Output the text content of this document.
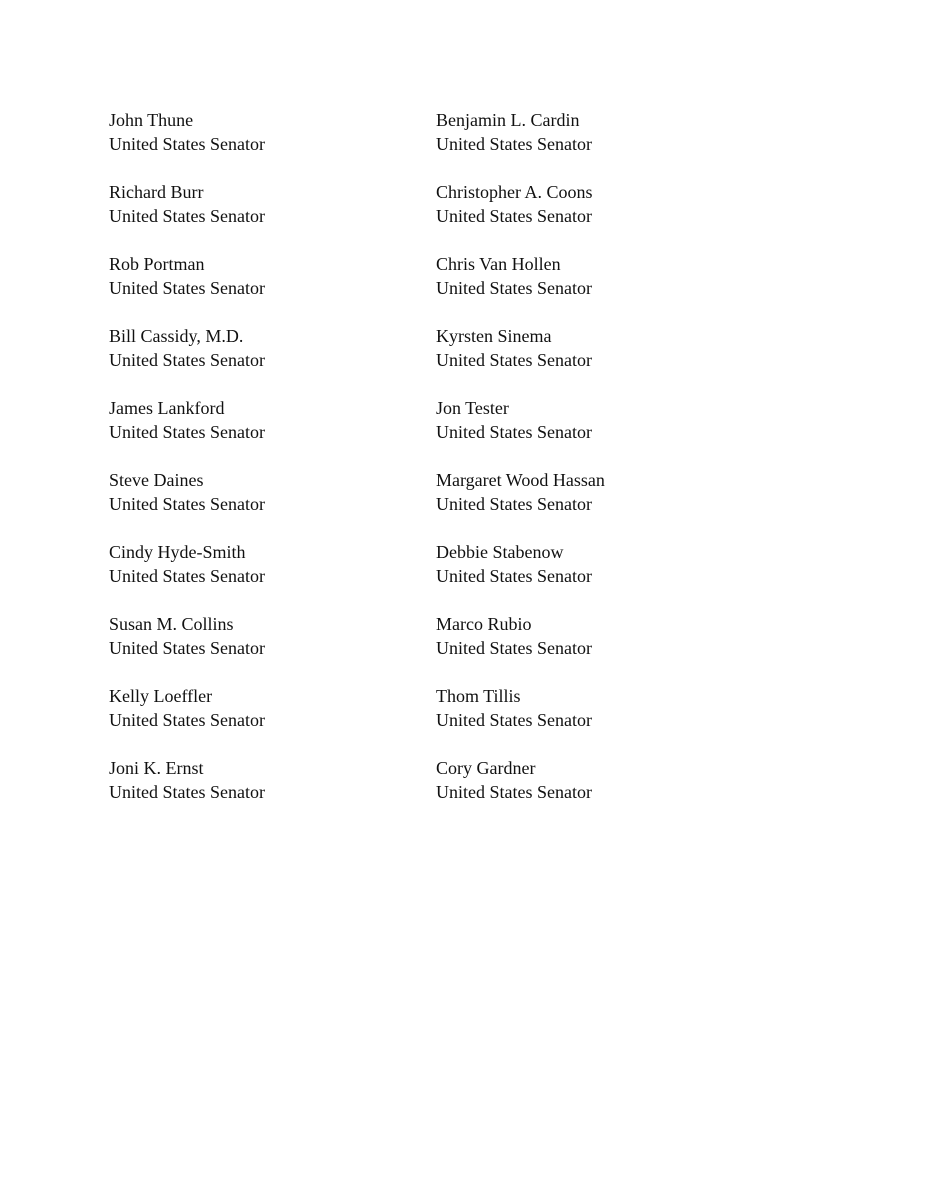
John Thune
United States Senator
Benjamin L. Cardin
United States Senator
Richard Burr
United States Senator
Christopher A. Coons
United States Senator
Rob Portman
United States Senator
Chris Van Hollen
United States Senator
Bill Cassidy, M.D.
United States Senator
Kyrsten Sinema
United States Senator
James Lankford
United States Senator
Jon Tester
United States Senator
Steve Daines
United States Senator
Margaret Wood Hassan
United States Senator
Cindy Hyde-Smith
United States Senator
Debbie Stabenow
United States Senator
Susan M. Collins
United States Senator
Marco Rubio
United States Senator
Kelly Loeffler
United States Senator
Thom Tillis
United States Senator
Joni K. Ernst
United States Senator
Cory Gardner
United States Senator
